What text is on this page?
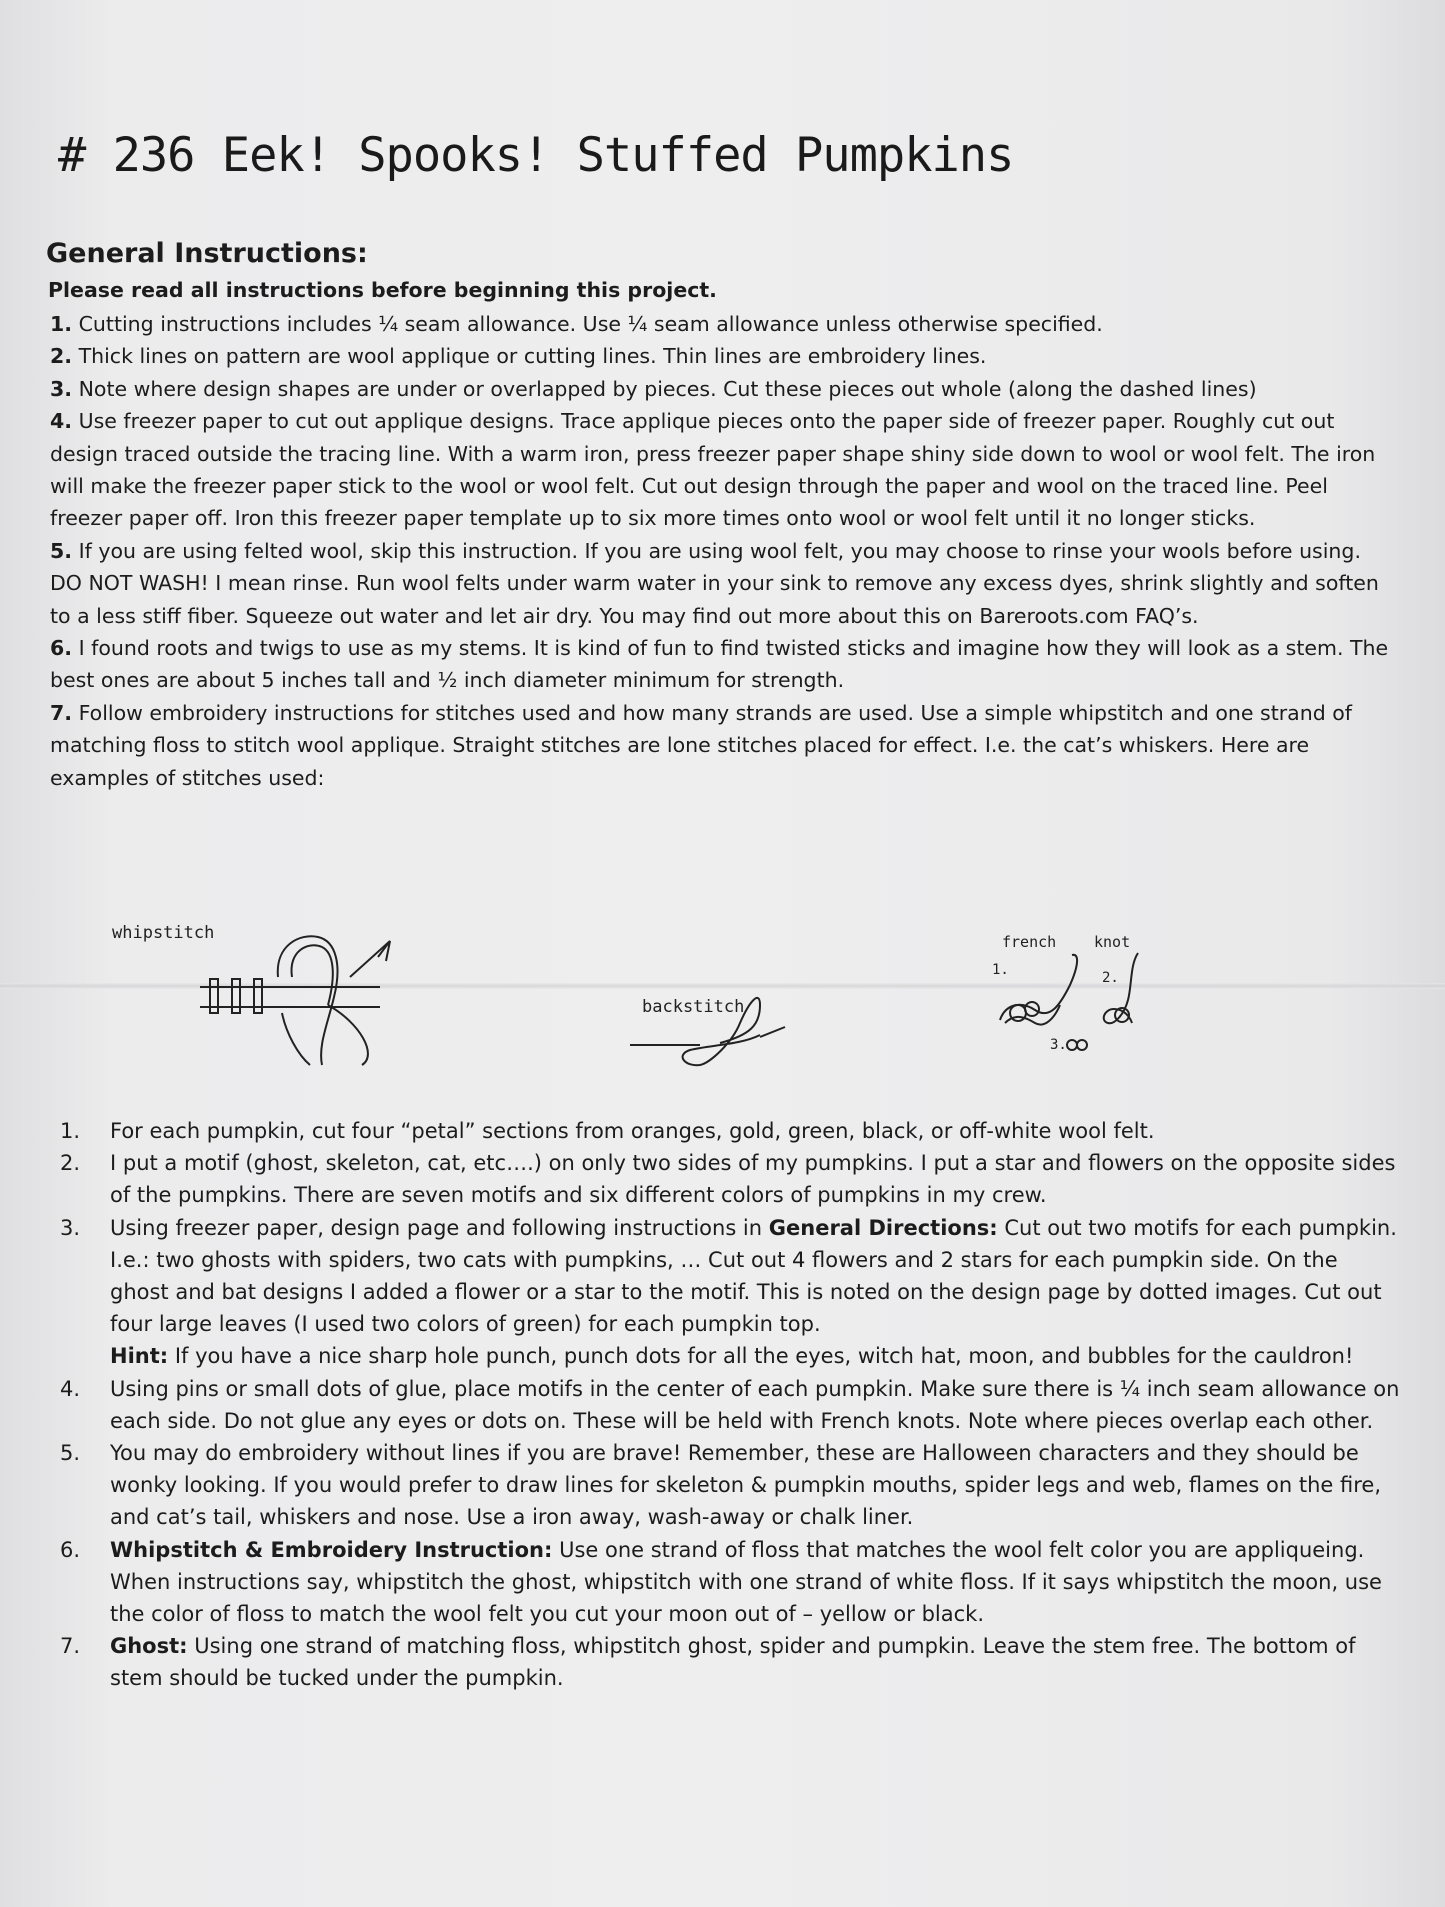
# 236 Eek! Spooks! Stuffed Pumpkins
General Instructions:
Please read all instructions before beginning this project.

1. Cutting instructions includes ¼ seam allowance. Use ¼ seam allowance unless otherwise specified.

2. Thick lines on pattern are wool applique or cutting lines. Thin lines are embroidery lines.

3. Note where design shapes are under or overlapped by pieces. Cut these pieces out whole (along the dashed lines)

4. Use freezer paper to cut out applique designs. Trace applique pieces onto the paper side of freezer paper. Roughly cut out design traced outside the tracing line. With a warm iron, press freezer paper shape shiny side down to wool or wool felt. The iron will make the freezer paper stick to the wool or wool felt. Cut out design through the paper and wool on the traced line. Peel freezer paper off. Iron this freezer paper template up to six more times onto wool or wool felt until it no longer sticks.

5. If you are using felted wool, skip this instruction. If you are using wool felt, you may choose to rinse your wools before using. DO NOT WASH! I mean rinse. Run wool felts under warm water in your sink to remove any excess dyes, shrink slightly and soften to a less stiff fiber. Squeeze out water and let air dry. You may find out more about this on Bareroots.com FAQ’s.

6. I found roots and twigs to use as my stems. It is kind of fun to find twisted sticks and imagine how they will look as a stem. The best ones are about 5 inches tall and ½ inch diameter minimum for strength.

7. Follow embroidery instructions for stitches used and how many strands are used. Use a simple whipstitch and one strand of matching floss to stitch wool applique. Straight stitches are lone stitches placed for effect. I.e. the cat’s whiskers. Here are examples of stitches used:

whipstitch
backstitch
french	knot
1.	2.
3.
1.	For each pumpkin, cut four “petal” sections from oranges, gold, green, black, or off-white wool felt.
2.	I put a motif (ghost, skeleton, cat, etc….) on only two sides of my pumpkins. I put a star and flowers on the opposite sides of the pumpkins. There are seven motifs and six different colors of pumpkins in my crew.
3.	Using freezer paper, design page and following instructions in General Directions: Cut out two motifs for each pumpkin. I.e.: two ghosts with spiders, two cats with pumpkins, … Cut out 4 flowers and 2 stars for each pumpkin side. On the ghost and bat designs I added a flower or a star to the motif. This is noted on the design page by dotted images. Cut out four large leaves (I used two colors of green) for each pumpkin top.
Hint: If you have a nice sharp hole punch, punch dots for all the eyes, witch hat, moon, and bubbles for the cauldron!
4.	Using pins or small dots of glue, place motifs in the center of each pumpkin. Make sure there is ¼ inch seam allowance on each side. Do not glue any eyes or dots on. These will be held with French knots. Note where pieces overlap each other.
5.	You may do embroidery without lines if you are brave! Remember, these are Halloween characters and they should be wonky looking. If you would prefer to draw lines for skeleton & pumpkin mouths, spider legs and web, flames on the fire, and cat’s tail, whiskers and nose. Use a iron away, wash-away or chalk liner.
6.	Whipstitch & Embroidery Instruction: Use one strand of floss that matches the wool felt color you are appliqueing. When instructions say, whipstitch the ghost, whipstitch with one strand of white floss. If it says whipstitch the moon, use the color of floss to match the wool felt you cut your moon out of – yellow or black.
7.	Ghost: Using one strand of matching floss, whipstitch ghost, spider and pumpkin. Leave the stem free. The bottom of stem should be tucked under the pumpkin.
